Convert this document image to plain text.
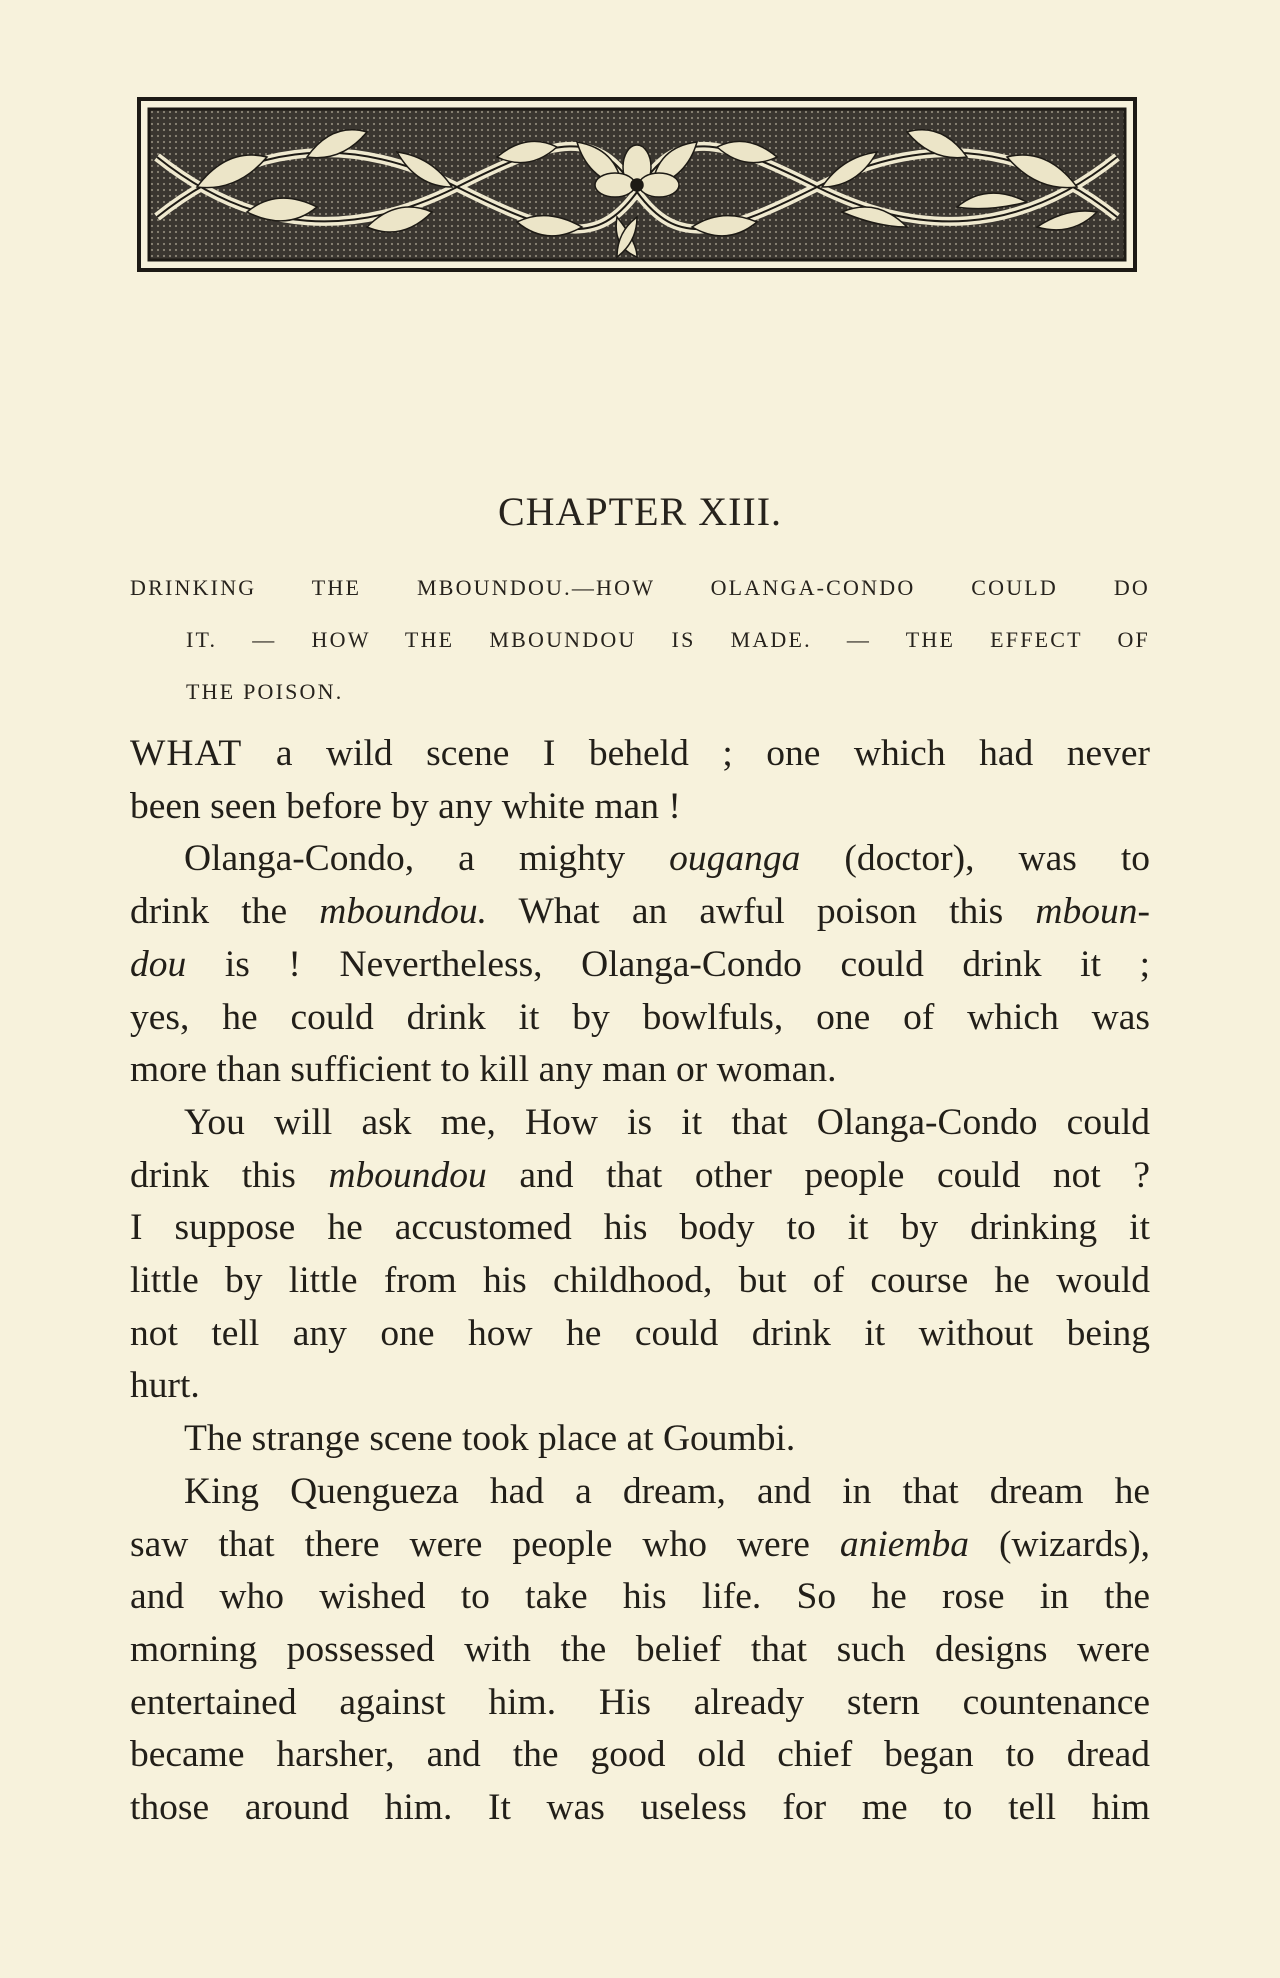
CHAPTER XIII.
DRINKING THE MBOUNDOU.—HOW OLANGA-CONDO COULD DO
IT. — HOW THE MBOUNDOU IS MADE. — THE EFFECT OF
THE POISON.
WHAT a wild scene I beheld ; one which had never
been seen before by any white man !
Olanga-Condo, a mighty ouganga (doctor), was to
drink the mboundou. What an awful poison this mboun-
dou is ! Nevertheless, Olanga-Condo could drink it ;
yes, he could drink it by bowlfuls, one of which was
more than sufficient to kill any man or woman.
You will ask me, How is it that Olanga-Condo could
drink this mboundou and that other people could not ?
I suppose he accustomed his body to it by drinking it
little by little from his childhood, but of course he would
not tell any one how he could drink it without being
hurt.
The strange scene took place at Goumbi.
King Quengueza had a dream, and in that dream he
saw that there were people who were aniemba (wizards),
and who wished to take his life. So he rose in the
morning possessed with the belief that such designs were
entertained against him. His already stern countenance
became harsher, and the good old chief began to dread
those around him. It was useless for me to tell him
